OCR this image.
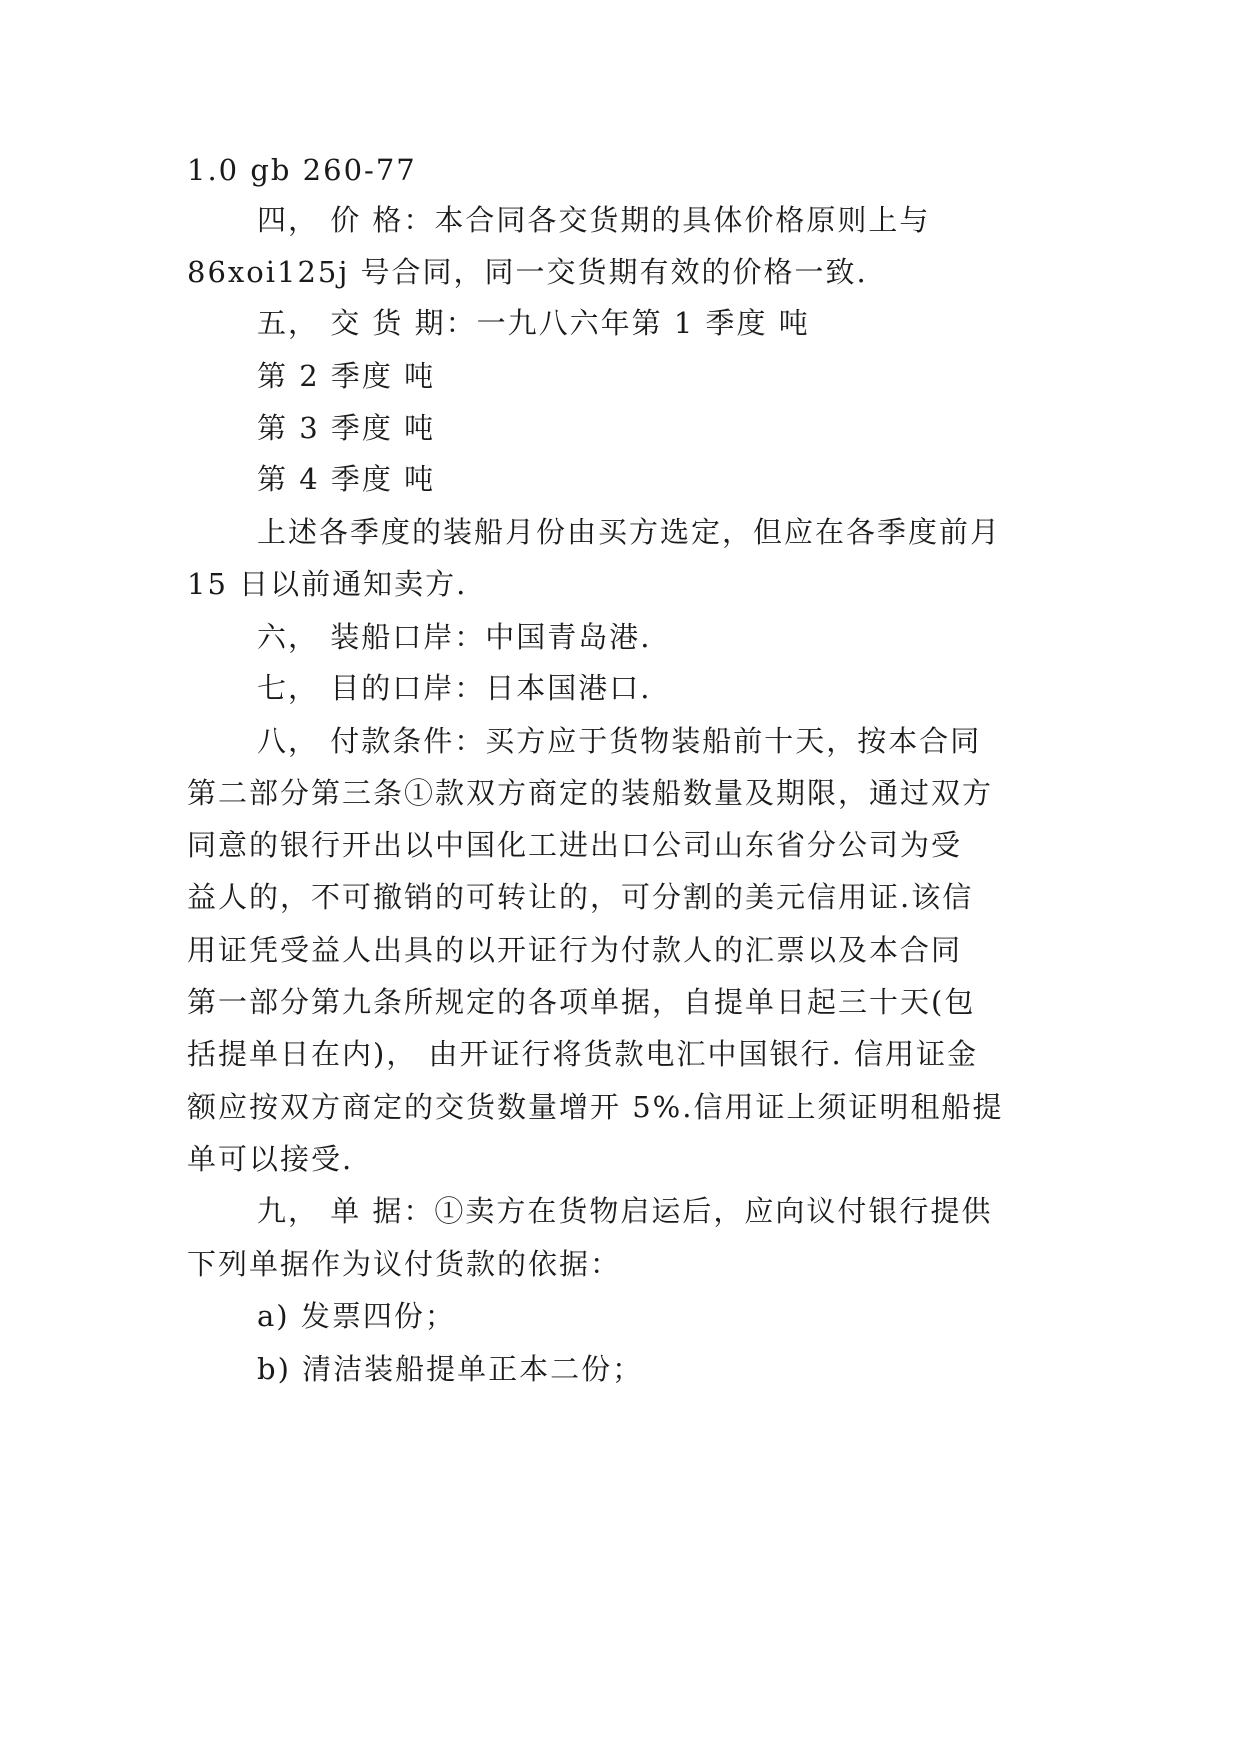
1.0 gb 260-77
四， 价 格：本合同各交货期的具体价格原则上与
86xoi125j 号合同，同一交货期有效的价格一致.
五， 交 货 期：一九八六年第 1 季度 吨
第 2 季度 吨
第 3 季度 吨
第 4 季度 吨
上述各季度的装船月份由买方选定，但应在各季度前月
15 日以前通知卖方.
六， 装船口岸：中国青岛港.
七， 目的口岸：日本国港口.
八， 付款条件：买方应于货物装船前十天，按本合同
第二部分第三条①款双方商定的装船数量及期限，通过双方
同意的银行开出以中国化工进出口公司山东省分公司为受
益人的，不可撤销的可转让的，可分割的美元信用证.该信
用证凭受益人出具的以开证行为付款人的汇票以及本合同
第一部分第九条所规定的各项单据，自提单日起三十天(包
括提单日在内)， 由开证行将货款电汇中国银行. 信用证金
额应按双方商定的交货数量增开 5%.信用证上须证明租船提
单可以接受.
九， 单 据：①卖方在货物启运后，应向议付银行提供
下列单据作为议付货款的依据：
a) 发票四份；
b) 清洁装船提单正本二份；
